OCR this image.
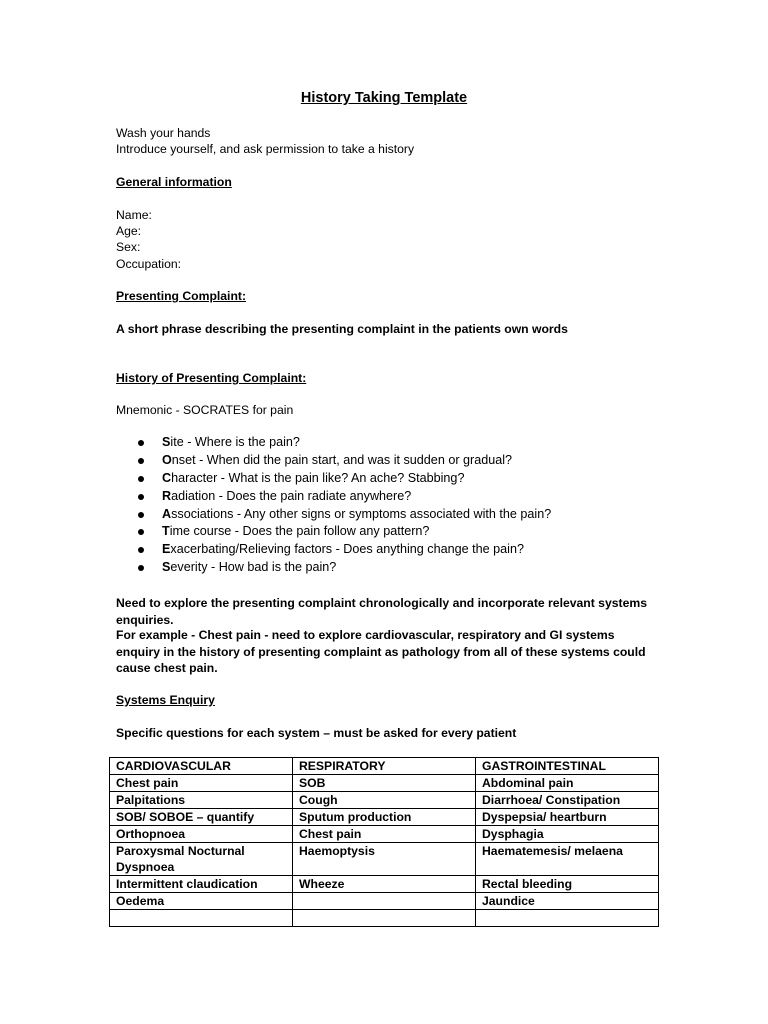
History Taking Template
Wash your hands
Introduce yourself, and ask permission to take a history
General information
Name:
Age:
Sex:
Occupation:
Presenting Complaint:
A short phrase describing the presenting complaint in the patients own words
History of Presenting Complaint:
Mnemonic - SOCRATES for pain
Site - Where is the pain?
Onset - When did the pain start, and was it sudden or gradual?
Character - What is the pain like? An ache? Stabbing?
Radiation - Does the pain radiate anywhere?
Associations - Any other signs or symptoms associated with the pain?
Time course - Does the pain follow any pattern?
Exacerbating/Relieving factors - Does anything change the pain?
Severity - How bad is the pain?
Need to explore the presenting complaint chronologically and incorporate relevant systems enquiries.
For example - Chest pain - need to explore cardiovascular, respiratory and GI systems enquiry in the history of presenting complaint as pathology from all of these systems could cause chest pain.
Systems Enquiry
Specific questions for each system – must be asked for every patient
CARDIOVASCULAR	RESPIRATORY	GASTROINTESTINAL
Chest pain	SOB	Abdominal pain
Palpitations	Cough	Diarrhoea/ Constipation
SOB/ SOBOE – quantify	Sputum production	Dyspepsia/ heartburn
Orthopnoea	Chest pain	Dysphagia
Paroxysmal Nocturnal Dyspnoea	Haemoptysis	Haematemesis/ melaena
Intermittent claudication	Wheeze	Rectal bleeding
Oedema		Jaundice
